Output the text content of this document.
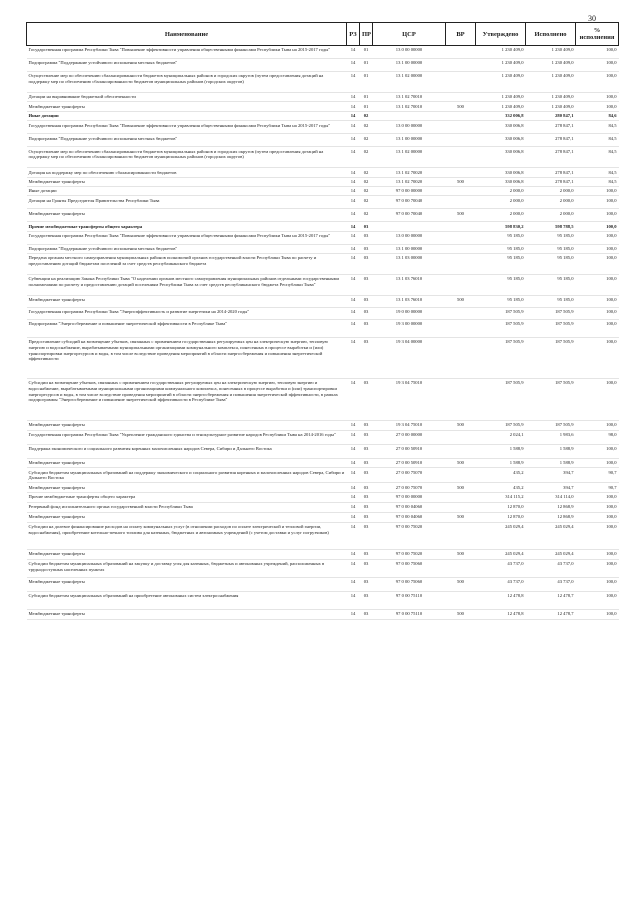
30
Наименование	РЗ	ПР	ЦСР	ВР	Утверждено	Исполнено	% исполнения
Государственная программа Республики Тыва "Повышение эффективности управления общественными финансами Республики Тыва на 2015-2017 годы"	14	01	13 0 00 00000		1 230 409,0	1 230 409,0	100,0
Подпрограмма "Поддержание устойчивого исполнения местных бюджетов"	14	01	13 1 00 00000		1 230 409,0	1 230 409,0	100,0
Осуществление мер по обеспечению сбалансированности бюджетов муниципальных районов и городских округов (путем предоставления дотаций на поддержку мер по обеспечению сбалансированности бюджетов муниципальных районов (городских округов)	14	01	13 1 02 00000		1 230 409,0	1 230 409,0	100,0
Дотации на выравнивание бюджетной обеспеченности	14	01	13 1 02 70010		1 230 409,0	1 230 409,0	100,0
Межбюджетные трансферты	14	01	13 1 02 70010	500	1 230 409,0	1 230 409,0	100,0
Иные дотации	14	02			332 006,8	280 847,1	84,6
Государственная программа Республики Тыва "Повышение эффективности управления общественными финансами Республики Тыва на 2015-2017 годы"	14	02	13 0 00 00000		330 006,8	278 847,1	84,5
Подпрограмма "Поддержание устойчивого исполнения местных бюджетов"	14	02	13 1 00 00000		330 006,8	278 847,1	84,5
Осуществление мер по обеспечению сбалансированности бюджетов муниципальных районов и городских округов (путем предоставления дотаций на поддержку мер по обеспечению сбалансированности бюджетов муниципальных районов (городских округов)	14	02	13 1 02 00000		330 006,8	278 847,1	84,5
Дотация на поддержку мер по обеспечению сбалансированности бюджетов	14	02	13 1 02 70020		330 006,8	278 847,1	84,5
Межбюджетные трансферты	14	02	13 1 02 70020	500	330 006,8	278 847,1	84,5
Иные дотации	14	02	97 0 00 00000		2 000,0	2 000,0	100,0
Дотации на Гранты Председателя Правительства Республики Тыва	14	02	97 0 00 70040		2 000,0	2 000,0	100,0
Межбюджетные трансферты	14	02	97 0 00 70040	500	2 000,0	2 000,0	100,0
Прочие межбюджетные трансферты общего характера	14	03			598 830,2	598 788,5	100,0
Государственная программа Республики Тыва "Повышение эффективности управления общественными финансами Республики Тыва на 2015-2017 годы"	14	03	13 0 00 00000		95 185,0	95 185,0	100,0
Подпрограмма "Поддержание устойчивого исполнения местных бюджетов"	14	03	13 1 00 00000		95 185,0	95 185,0	100,0
Передача органам местного самоуправления муниципальных районов полномочий органов государственной власти Республики Тыва по расчету и предоставлению дотаций бюджетам поселений за счет средств республиканского бюджета	14	03	13 1 03 00000		95 185,0	95 185,0	100,0
Субвенции на реализацию Закона Республики Тыва "О наделении органов местного самоуправления муниципальных районов отдельными государственными полномочиями по расчету и предоставлению дотаций поселениям Республики Тыва за счет средств республиканского бюджета Республики Тыва"	14	03	13 1 03 76010		95 185,0	95 185,0	100,0
Межбюджетные трансферты	14	03	13 1 03 76010	500	95 185,0	95 185,0	100,0
Государственная программа Республики Тыва "Энергоэффективность и развитие энергетики на 2014-2020 годы"	14	03	19 0 00 00000		187 505,9	187 505,9	100,0
Подпрограмма "Энергосбережение и повышение энергетической эффективности в Республике Тыва"	14	03	19 3 00 00000		187 505,9	187 505,9	100,0
Предоставление субсидий на возмещение убытков, связанных с применением государственных регулируемых цен на электрическую энергию, тепловую энергию и водоснабжение, вырабатываемыми муниципальными организациями коммунального комплекса, понесенных в процессе выработки и (или) транспортировки энергоресурсов и воды, в том числе вследствие проведения мероприятий в области энергосбережения и повышения энергетической эффективности	14	03	19 3 04 00000		187 505,9	187 505,9	100,0
Субсидии на возмещение убытков, связанных с применением государственных регулируемых цен на электрическую энергию, тепловую энергию и водоснабжение, вырабатываемыми муниципальными организациями коммунального комплекса, понесенных в процессе выработки и (или) транспортировки энергоресурсов и воды, в том числе вследствие проведения мероприятий в области энергосбережения и повышения энергетической эффективности, в рамках подпрограммы "Энергосбережение и повышение энергетической эффективности в Республике Тыва"	14	03	19 3 04 75010		187 505,9	187 505,9	100,0
Межбюджетные трансферты	14	03	19 3 04 75010	500	187 505,9	187 505,9	100,0
Государственная программа Республики Тыва "Укрепление гражданского единства и этнокультурное развитие народов Республики Тыва на 2014-2016 годы"	14	03	27 0 00 00000		2 024,1	1 983,6	98,0
Поддержка экономического и социального развития коренных малочисленных народов Севера, Сибири и Дальнего Востока	14	03	27 0 00 50910		1 588,9	1 588,9	100,0
Межбюджетные трансферты	14	03	27 0 00 50910	500	1 588,9	1 588,9	100,0
Субсидии бюджетам муниципальных образований на поддержку экономического и социального развития коренных и малочисленных народов Севера, Сибири и Дальнего Востока	14	03	27 0 00 75070		435,2	394,7	90,7
Межбюджетные трансферты	14	03	27 0 00 75070	500	435,2	394,7	90,7
Прочие межбюджетные трансферты общего характера	14	03	97 0 00 00000		314 115,2	314 114,0	100,0
Резервный фонд исполнительного органа государственной власти Республики Тыва	14	03	97 0 00 04060		12 870,0	12 868,9	100,0
Межбюджетные трансферты	14	03	97 0 00 04060	500	12 870,0	12 868,9	100,0
Субсидии на долевое финансирование расходов на оплату коммунальных услуг (в отношении расходов по оплате электрической и тепловой энергии, водоснабжения), приобретение котельно-печного топлива для казенных, бюджетных и автономных учреждений (с учетом доставки и услуг погрузчиков)	14	03	97 0 00 75020		245 029,4	245 029,4	100,0
Межбюджетные трансферты	14	03	97 0 00 75020	500	245 029,4	245 029,4	100,0
Субсидии бюджетам муниципальных образований на закупку и доставку угля для казенных, бюджетных и автономных учреждений, расположенных в труднодоступных населенных пунктах	14	03	97 0 00 75060		43 737,0	43 737,0	100,0
Межбюджетные трансферты	14	03	97 0 00 75060	500	43 737,0	43 737,0	100,0
Субсидии бюджетам муниципальных образований на приобретение автономных систем электроснабжения	14	03	97 0 00 75110		12 478,8	12 478,7	100,0
Межбюджетные трансферты	14	03	97 0 00 75110	500	12 478,8	12 478,7	100,0
